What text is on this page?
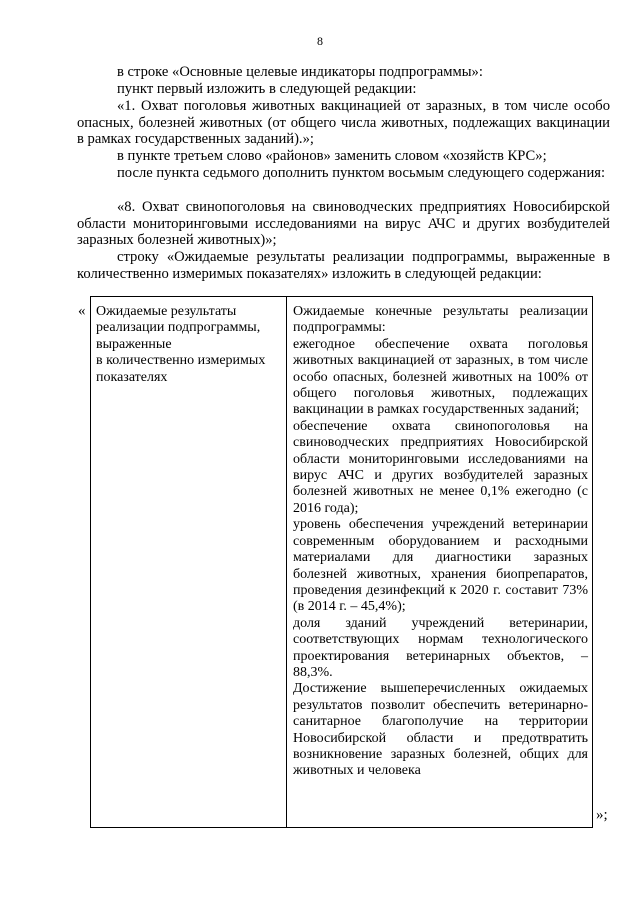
8
в строке «Основные целевые индикаторы подпрограммы»:
пункт первый изложить в следующей редакции:
«1. Охват поголовья животных вакцинацией от заразных, в том числе особо опасных, болезней животных (от общего числа животных, подлежащих вакцинации в рамках государственных заданий).»;
в пункте третьем слово «районов» заменить словом «хозяйств КРС»;
после пункта седьмого дополнить пунктом восьмым следующего содержания:
«8. Охват свинопоголовья на свиноводческих предприятиях Новосибирской области мониторинговыми исследованиями на вирус АЧС и других возбудителей заразных болезней животных)»;
строку «Ожидаемые результаты реализации подпрограммы, выраженные в количественно измеримых показателях» изложить в следующей редакции:
« Ожидаемые результаты
реализации подпрограммы,
выраженные
в количественно измеримых
показателях
Ожидаемые конечные результаты реализации подпрограммы:
ежегодное обеспечение охвата поголовья животных вакцинацией от заразных, в том числе особо опасных, болезней животных на 100% от общего поголовья животных, подлежащих вакцинации в рамках государственных заданий;
обеспечение охвата свинопоголовья на свиноводческих предприятиях Новосибирской области мониторинговыми исследованиями на вирус АЧС и других возбудителей заразных болезней животных не менее 0,1% ежегодно (с 2016 года);
уровень обеспечения учреждений ветеринарии современным оборудованием и расходными материалами для диагностики заразных болезней животных, хранения биопрепаратов, проведения дезинфекций к 2020 г. составит 73% (в 2014 г. – 45,4%);
доля зданий учреждений ветеринарии, соответствующих нормам технологического проектирования ветеринарных объектов, – 88,3%.
Достижение вышеперечисленных ожидаемых результатов позволит обеспечить ветеринарно-санитарное благополучие на территории Новосибирской области и предотвратить возникновение заразных болезней, общих для животных и человека
»;
